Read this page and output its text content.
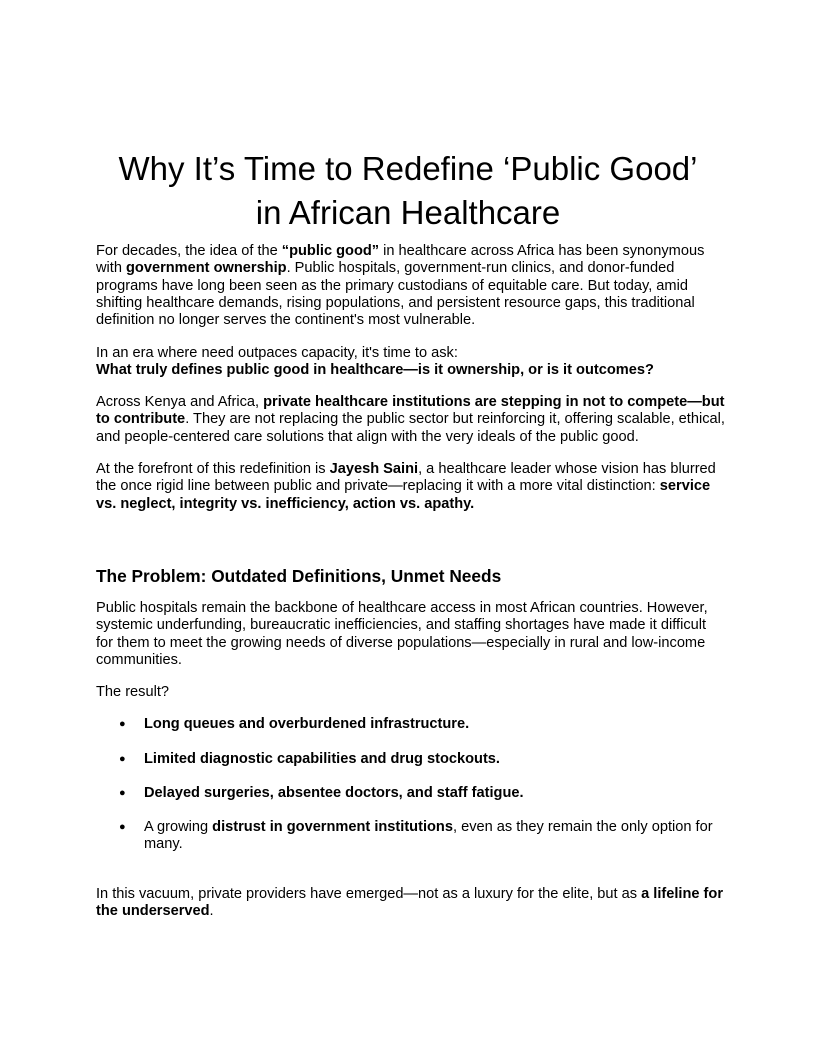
Why It’s Time to Redefine ‘Public Good’
in African Healthcare

For decades, the idea of the “public good” in healthcare across Africa has been synonymous with government ownership. Public hospitals, government-run clinics, and donor-funded programs have long been seen as the primary custodians of equitable care. But today, amid shifting healthcare demands, rising populations, and persistent resource gaps, this traditional definition no longer serves the continent's most vulnerable.

In an era where need outpaces capacity, it's time to ask:
What truly defines public good in healthcare—is it ownership, or is it outcomes?

Across Kenya and Africa, private healthcare institutions are stepping in not to compete—but to contribute. They are not replacing the public sector but reinforcing it, offering scalable, ethical, and people-centered care solutions that align with the very ideals of the public good.

At the forefront of this redefinition is Jayesh Saini, a healthcare leader whose vision has blurred the once rigid line between public and private—replacing it with a more vital distinction: service vs. neglect, integrity vs. inefficiency, action vs. apathy.

The Problem: Outdated Definitions, Unmet Needs

Public hospitals remain the backbone of healthcare access in most African countries. However, systemic underfunding, bureaucratic inefficiencies, and staffing shortages have made it difficult for them to meet the growing needs of diverse populations—especially in rural and low-income communities.

The result?

● Long queues and overburdened infrastructure.
● Limited diagnostic capabilities and drug stockouts.
● Delayed surgeries, absentee doctors, and staff fatigue.
● A growing distrust in government institutions, even as they remain the only option for many.

In this vacuum, private providers have emerged—not as a luxury for the elite, but as a lifeline for the underserved.
